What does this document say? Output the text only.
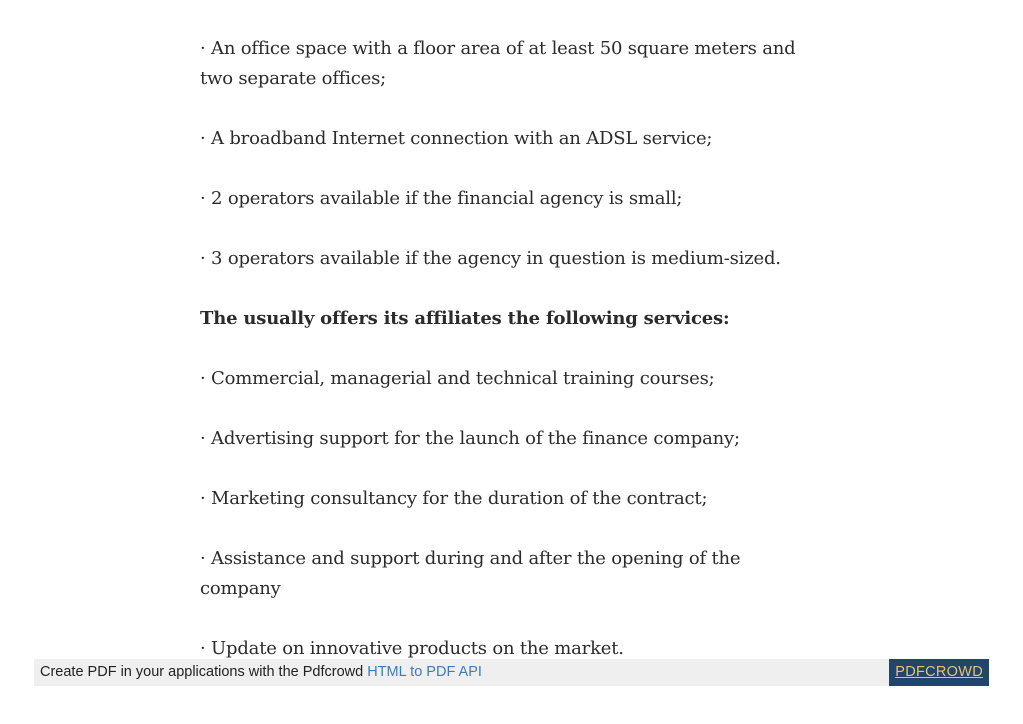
· An office space with a floor area of at least 50 square meters and two separate offices;

· A broadband Internet connection with an ADSL service;

· 2 operators available if the financial agency is small;

· 3 operators available if the agency in question is medium-sized.

The usually offers its affiliates the following services:

· Commercial, managerial and technical training courses;

· Advertising support for the launch of the finance company;

· Marketing consultancy for the duration of the contract;

· Assistance and support during and after the opening of the company

· Update on innovative products on the market.

Create PDF in your applications with the Pdfcrowd HTML to PDF API	PDFCROWD
